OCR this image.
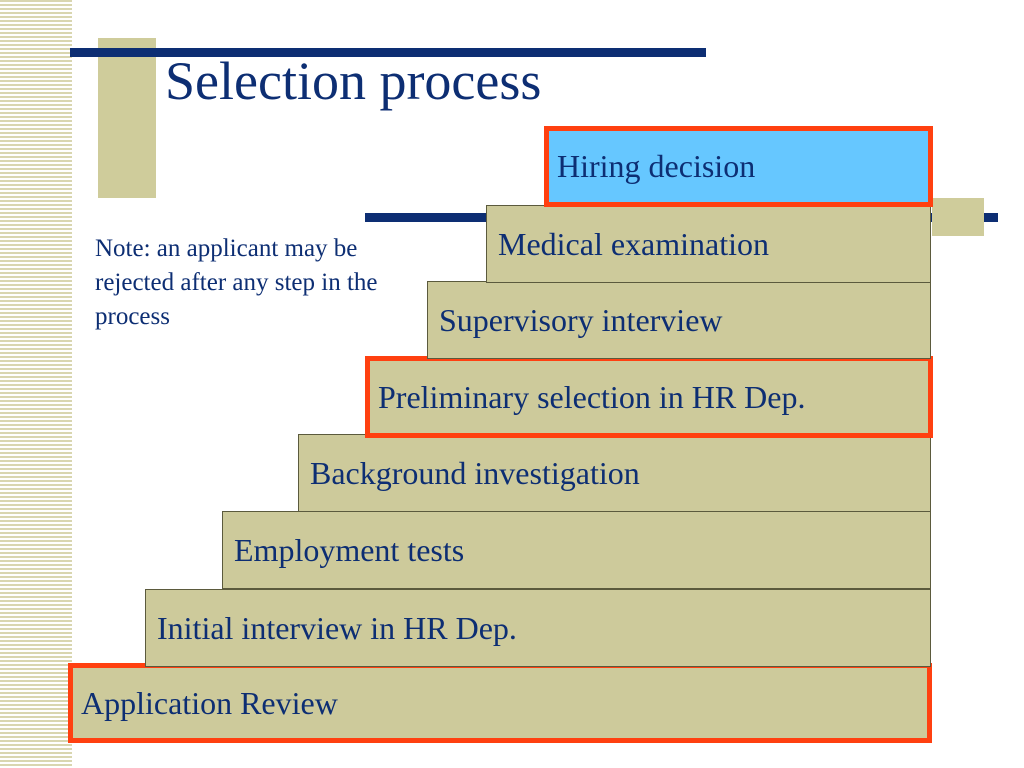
Selection process
Note: an applicant may be rejected after any step in the process
Application Review
Initial interview in HR Dep.
Employment tests
Background investigation
Preliminary selection in HR Dep.
Supervisory interview
Medical examination
Hiring decision
